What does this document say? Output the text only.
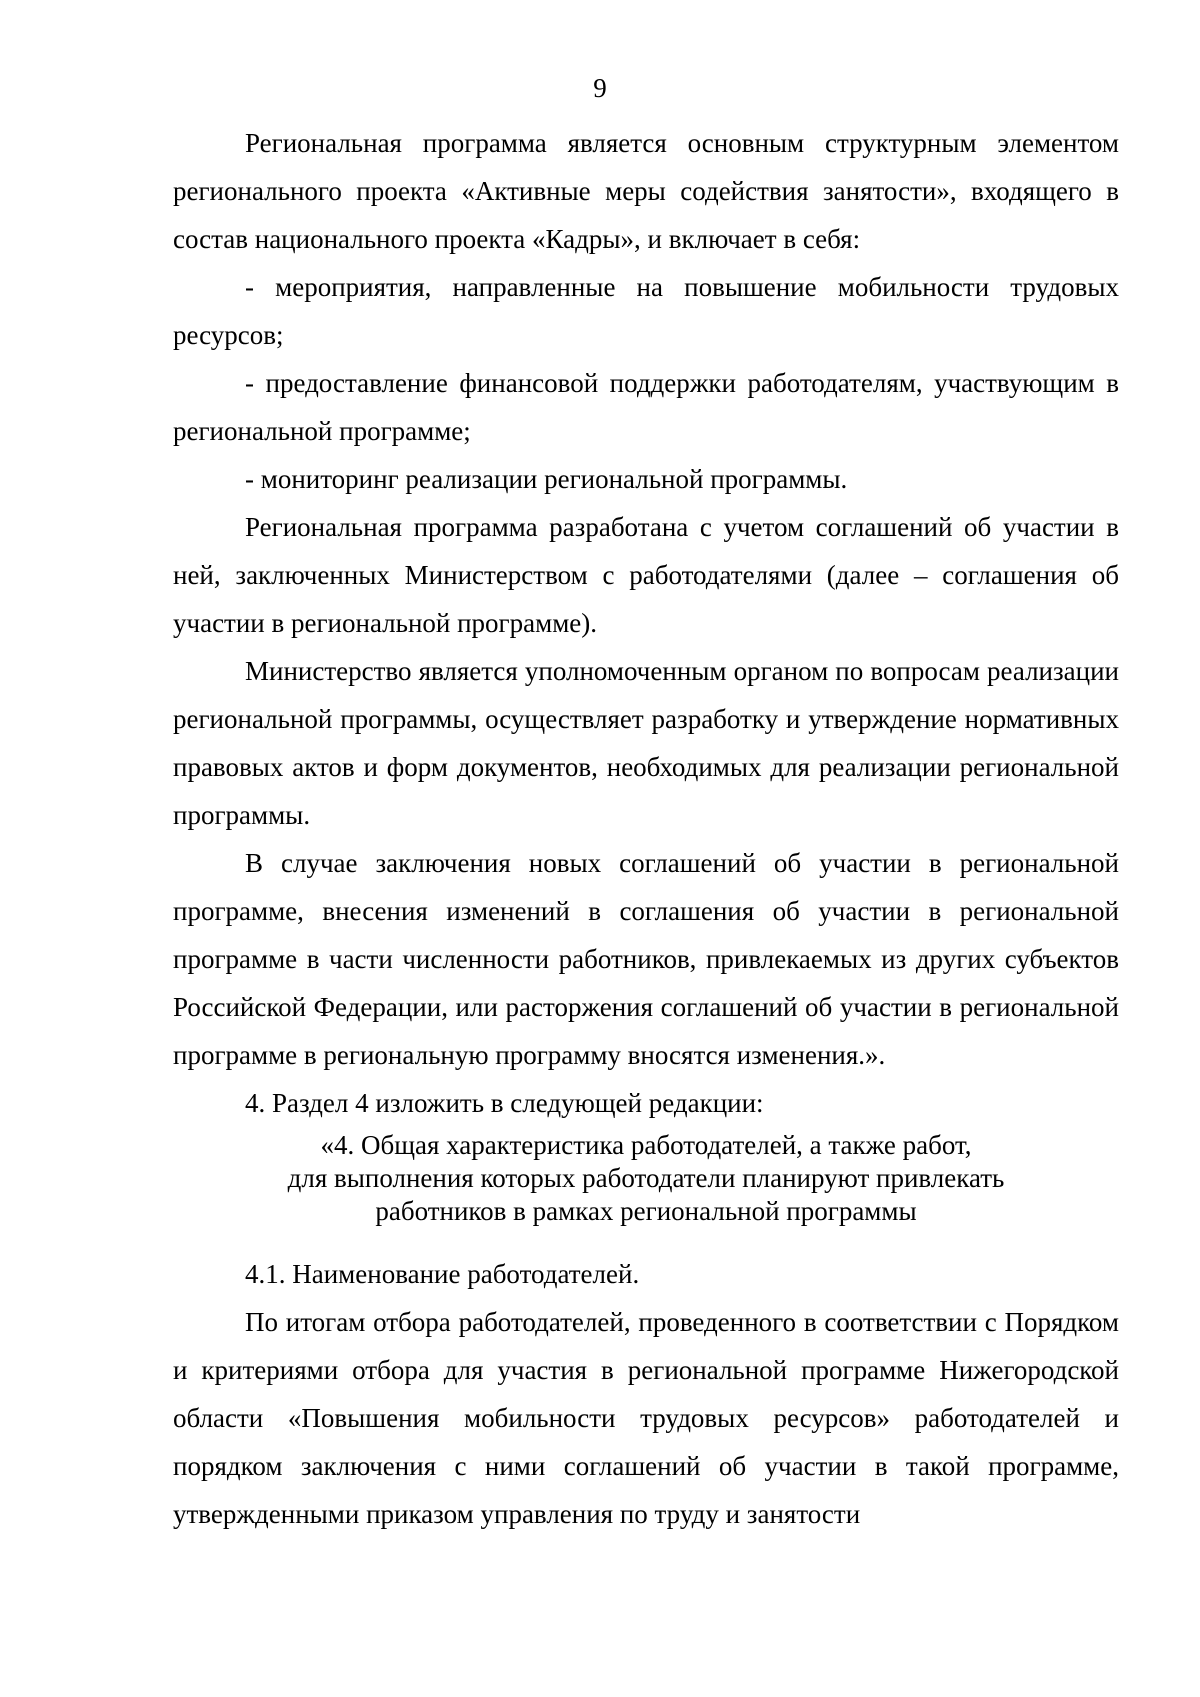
9

Региональная программа является основным структурным элементом регионального проекта «Активные меры содействия занятости», входящего в состав национального проекта «Кадры», и включает в себя:

- мероприятия, направленные на повышение мобильности трудовых ресурсов;

- предоставление финансовой поддержки работодателям, участвующим в региональной программе;

- мониторинг реализации региональной программы.

Региональная программа разработана с учетом соглашений об участии в ней, заключенных Министерством с работодателями (далее – соглашения об участии в региональной программе).

Министерство является уполномоченным органом по вопросам реализации региональной программы, осуществляет разработку и утверждение нормативных правовых актов и форм документов, необходимых для реализации региональной программы.

В случае заключения новых соглашений об участии в региональной программе, внесения изменений в соглашения об участии в региональной программе в части численности работников, привлекаемых из других субъектов Российской Федерации, или расторжения соглашений об участии в региональной программе в региональную программу вносятся изменения.».

4. Раздел 4 изложить в следующей редакции:

«4. Общая характеристика работодателей, а также работ,
для выполнения которых работодатели планируют привлекать
работников в рамках региональной программы

4.1. Наименование работодателей.

По итогам отбора работодателей, проведенного в соответствии с Порядком и критериями отбора для участия в региональной программе Нижегородской области «Повышения мобильности трудовых ресурсов» работодателей и порядком заключения с ними соглашений об участии в такой программе, утвержденными приказом управления по труду и занятости
